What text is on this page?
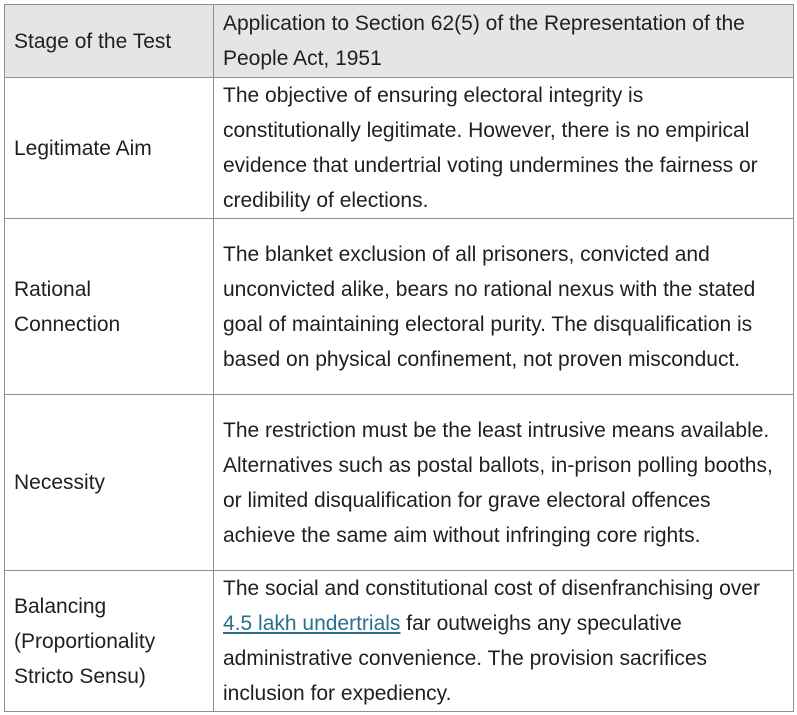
Stage of the Test	Application to Section 62(5) of the Representation of the People Act, 1951
Legitimate Aim	The objective of ensuring electoral integrity is constitutionally legitimate. However, there is no empirical evidence that undertrial voting undermines the fairness or credibility of elections.
Rational Connection	The blanket exclusion of all prisoners, convicted and unconvicted alike, bears no rational nexus with the stated goal of maintaining electoral purity. The disqualification is based on physical confinement, not proven misconduct.
Necessity	The restriction must be the least intrusive means available. Alternatives such as postal ballots, in-prison polling booths, or limited disqualification for grave electoral offences achieve the same aim without infringing core rights.
Balancing (Proportionality Stricto Sensu)	The social and constitutional cost of disenfranchising over 4.5 lakh undertrials far outweighs any speculative administrative convenience. The provision sacrifices inclusion for expediency.
